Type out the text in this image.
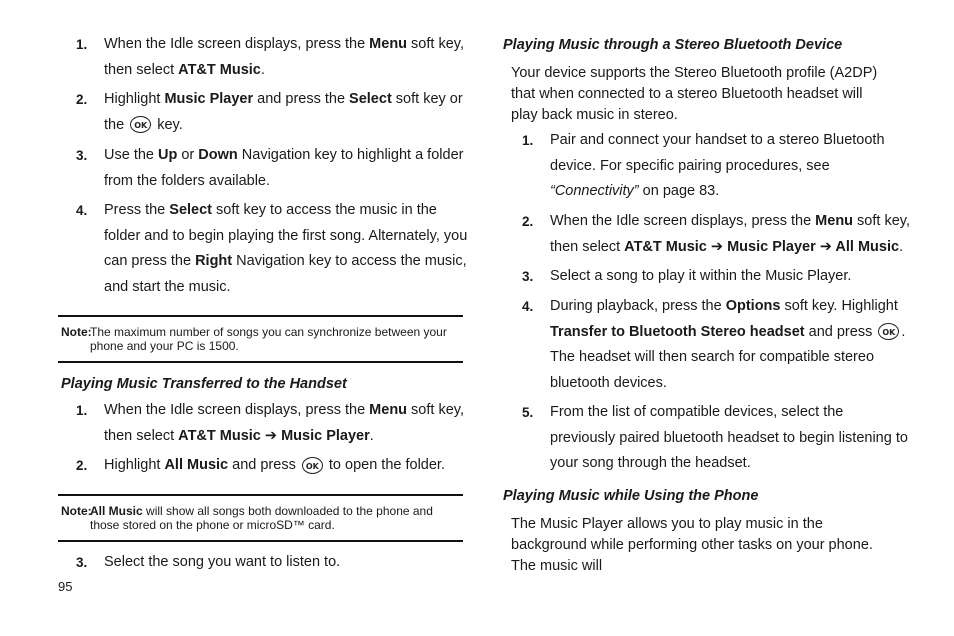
1. When the Idle screen displays, press the Menu soft key, then select AT&T Music.
2. Highlight Music Player and press the Select soft key or the OK key.
3. Use the Up or Down Navigation key to highlight a folder from the folders available.
4. Press the Select soft key to access the music in the folder and to begin playing the first song. Alternately, you can press the Right Navigation key to access the music, and start the music.
Note:
The maximum number of songs you can synchronize between your phone and your PC is 1500.
Playing Music Transferred to the Handset
1. When the Idle screen displays, press the Menu soft key, then select AT&T Music ➔ Music Player.
2. Highlight All Music and press OK to open the folder.
Note:
All Music will show all songs both downloaded to the phone and those stored on the phone or microSD™ card.
3. Select the song you want to listen to.
95
Playing Music through a Stereo Bluetooth Device
Your device supports the Stereo Bluetooth profile (A2DP) that when connected to a stereo Bluetooth headset will play back music in stereo.
1. Pair and connect your handset to a stereo Bluetooth device. For specific pairing procedures, see “Connectivity” on page 83.
2. When the Idle screen displays, press the Menu soft key, then select AT&T Music ➔ Music Player ➔ All Music.
3. Select a song to play it within the Music Player.
4. During playback, press the Options soft key. Highlight Transfer to Bluetooth Stereo headset and press OK . The headset will then search for compatible stereo bluetooth devices.
5. From the list of compatible devices, select the previously paired bluetooth headset to begin listening to your song through the headset.
Playing Music while Using the Phone
The Music Player allows you to play music in the background while performing other tasks on your phone. The music will
